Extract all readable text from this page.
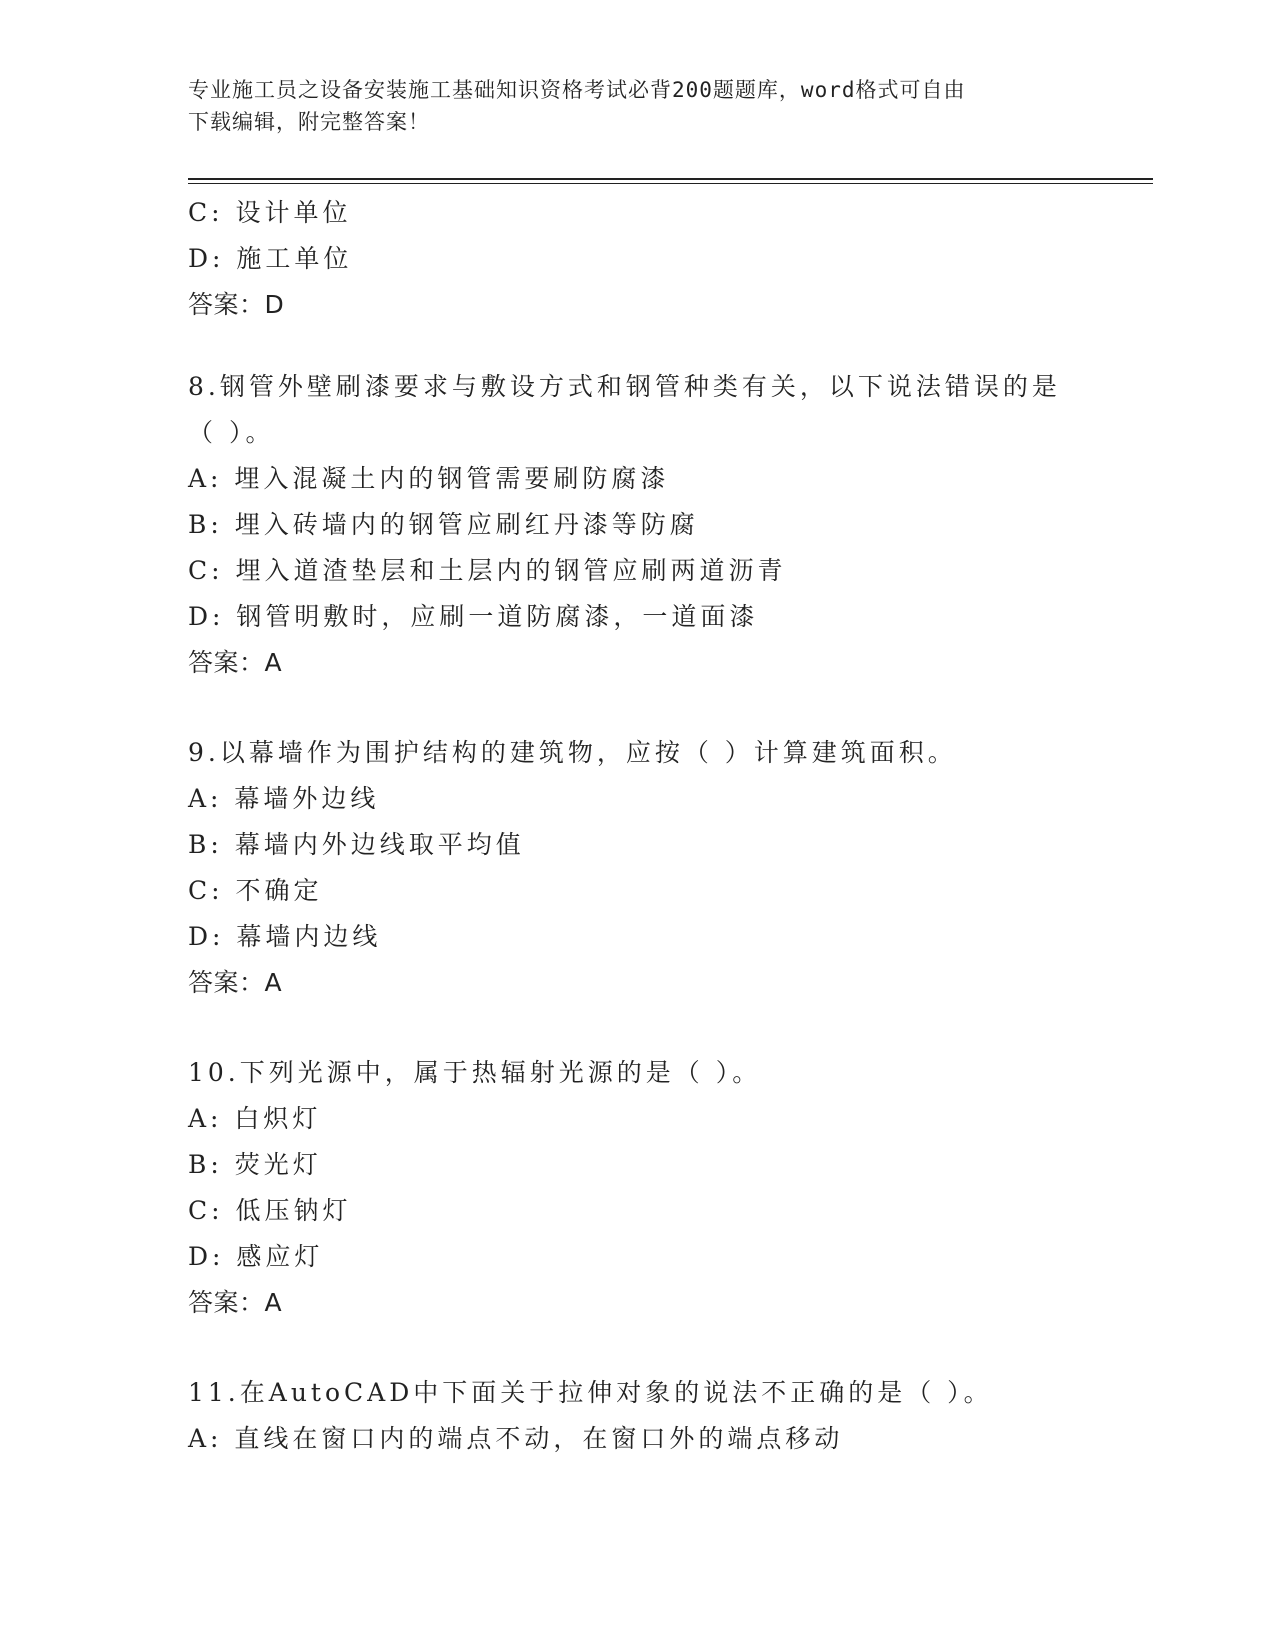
专业施工员之设备安装施工基础知识资格考试必背200题题库，word格式可自由
下载编辑，附完整答案！
C: 设计单位
D: 施工单位
答案：D
8.钢管外壁刷漆要求与敷设方式和钢管种类有关，以下说法错误的是
（ ）。
A: 埋入混凝土内的钢管需要刷防腐漆
B: 埋入砖墙内的钢管应刷红丹漆等防腐
C: 埋入道渣垫层和土层内的钢管应刷两道沥青
D: 钢管明敷时，应刷一道防腐漆，一道面漆
答案：A
9.以幕墙作为围护结构的建筑物，应按（ ）计算建筑面积。
A: 幕墙外边线
B: 幕墙内外边线取平均值
C: 不确定
D: 幕墙内边线
答案：A
10.下列光源中，属于热辐射光源的是（ ）。
A: 白炽灯
B: 荧光灯
C: 低压钠灯
D: 感应灯
答案：A
11.在AutoCAD中下面关于拉伸对象的说法不正确的是（ ）。
A: 直线在窗口内的端点不动，在窗口外的端点移动
